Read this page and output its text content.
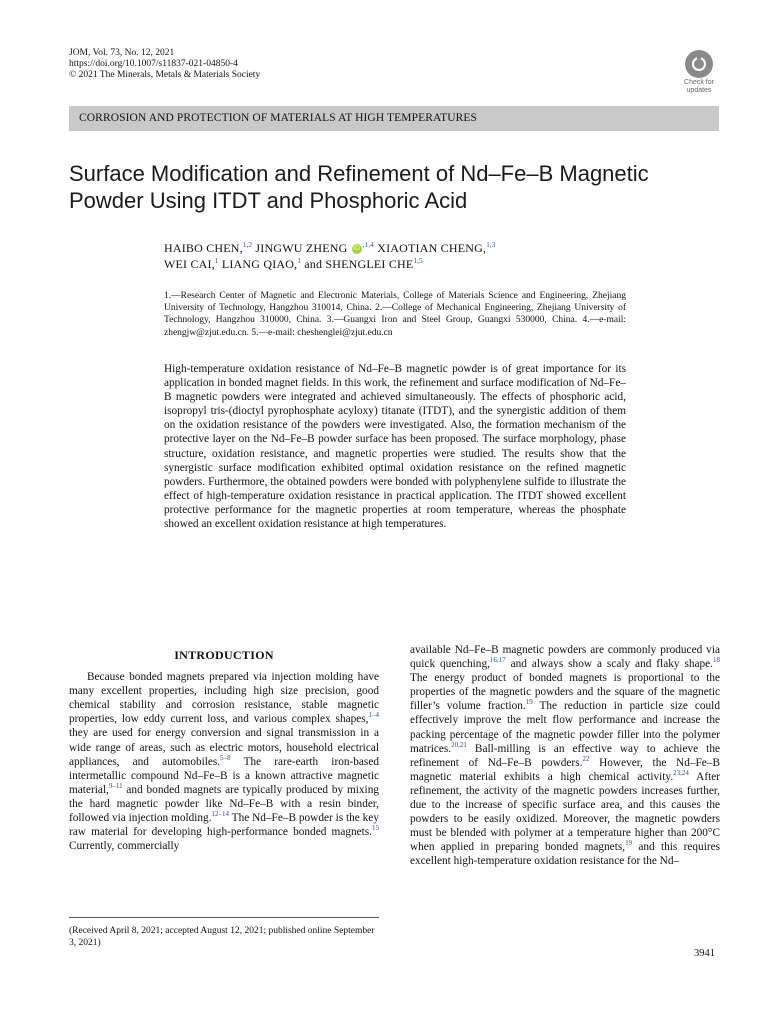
JOM, Vol. 73, No. 12, 2021
https://doi.org/10.1007/s11837-021-04850-4
© 2021 The Minerals, Metals & Materials Society
Check for
updates
CORROSION AND PROTECTION OF MATERIALS AT HIGH TEMPERATURES
Surface Modification and Refinement of Nd–Fe–B Magnetic
Powder Using ITDT and Phosphoric Acid
HAIBO CHEN,$^{1,2}$ JINGWU ZHENG iD $^{,1,4}$ XIAOTIAN CHENG,$^{1,3}$
WEI CAI,$^1$ LIANG QIAO,$^1$ and SHENGLEI CHE$^{1,5}$
1.—Research Center of Magnetic and Electronic Materials, College of Materials Science and Engineering, Zhejiang University of Technology, Hangzhou 310014, China. 2.—College of Mechanical Engineering, Zhejiang University of Technology, Hangzhou 310000, China. 3.—Guangxi Iron and Steel Group, Guangxi 530000, China. 4.—e-mail: zhengjw@zjut.edu.cn. 5.—e-mail: cheshenglei@zjut.edu.cn
High-temperature oxidation resistance of Nd–Fe–B magnetic powder is of great importance for its application in bonded magnet fields. In this work, the refinement and surface modification of Nd–Fe–B magnetic powders were integrated and achieved simultaneously. The effects of phosphoric acid, isopropyl tris-(dioctyl pyrophosphate acyloxy) titanate (ITDT), and the synergistic addition of them on the oxidation resistance of the powders were investigated. Also, the formation mechanism of the protective layer on the Nd–Fe–B powder surface has been proposed. The surface morphology, phase structure, oxidation resistance, and magnetic properties were studied. The results show that the synergistic surface modification exhibited optimal oxidation resistance on the refined magnetic powders. Furthermore, the obtained powders were bonded with polyphenylene sulfide to illustrate the effect of high-temperature oxidation resistance in practical application. The ITDT showed excellent protective performance for the magnetic properties at room temperature, whereas the phosphate showed an excellent oxidation resistance at high temperatures.
INTRODUCTION

Because bonded magnets prepared via injection molding have many excellent properties, including high size precision, good chemical stability and corrosion resistance, stable magnetic properties, low eddy current loss, and various complex shapes,$^{1-4}$ they are used for energy conversion and signal transmission in a wide range of areas, such as electric motors, household electrical appliances, and automobiles.$^{5-8}$ The rare-earth iron-based intermetallic compound Nd–Fe–B is a known attractive magnetic material,$^{9-11}$ and bonded magnets are typically produced by mixing the hard magnetic powder like Nd–Fe–B with a resin binder, followed via injection molding.$^{12-14}$ The Nd–Fe–B powder is the key raw material for developing high-performance bonded magnets.$^{15}$ Currently, commercially

available Nd–Fe–B magnetic powders are commonly produced via quick quenching,$^{16,17}$ and always show a scaly and flaky shape.$^{18}$ The energy product of bonded magnets is proportional to the properties of the magnetic powders and the square of the magnetic filler’s volume fraction.$^{19}$ The reduction in particle size could effectively improve the melt flow performance and increase the packing percentage of the magnetic powder filler into the polymer matrices.$^{20,21}$ Ball-milling is an effective way to achieve the refinement of Nd–Fe–B powders.$^{22}$ However, the Nd–Fe–B magnetic material exhibits a high chemical activity.$^{23,24}$ After refinement, the activity of the magnetic powders increases further, due to the increase of specific surface area, and this causes the powders to be easily oxidized. Moreover, the magnetic powders must be blended with polymer at a temperature higher than 200°C when applied in preparing bonded magnets,$^{19}$ and this requires excellent high-temperature oxidation resistance for the Nd–

(Received April 8, 2021; accepted August 12, 2021; published online September 3, 2021)
3941
